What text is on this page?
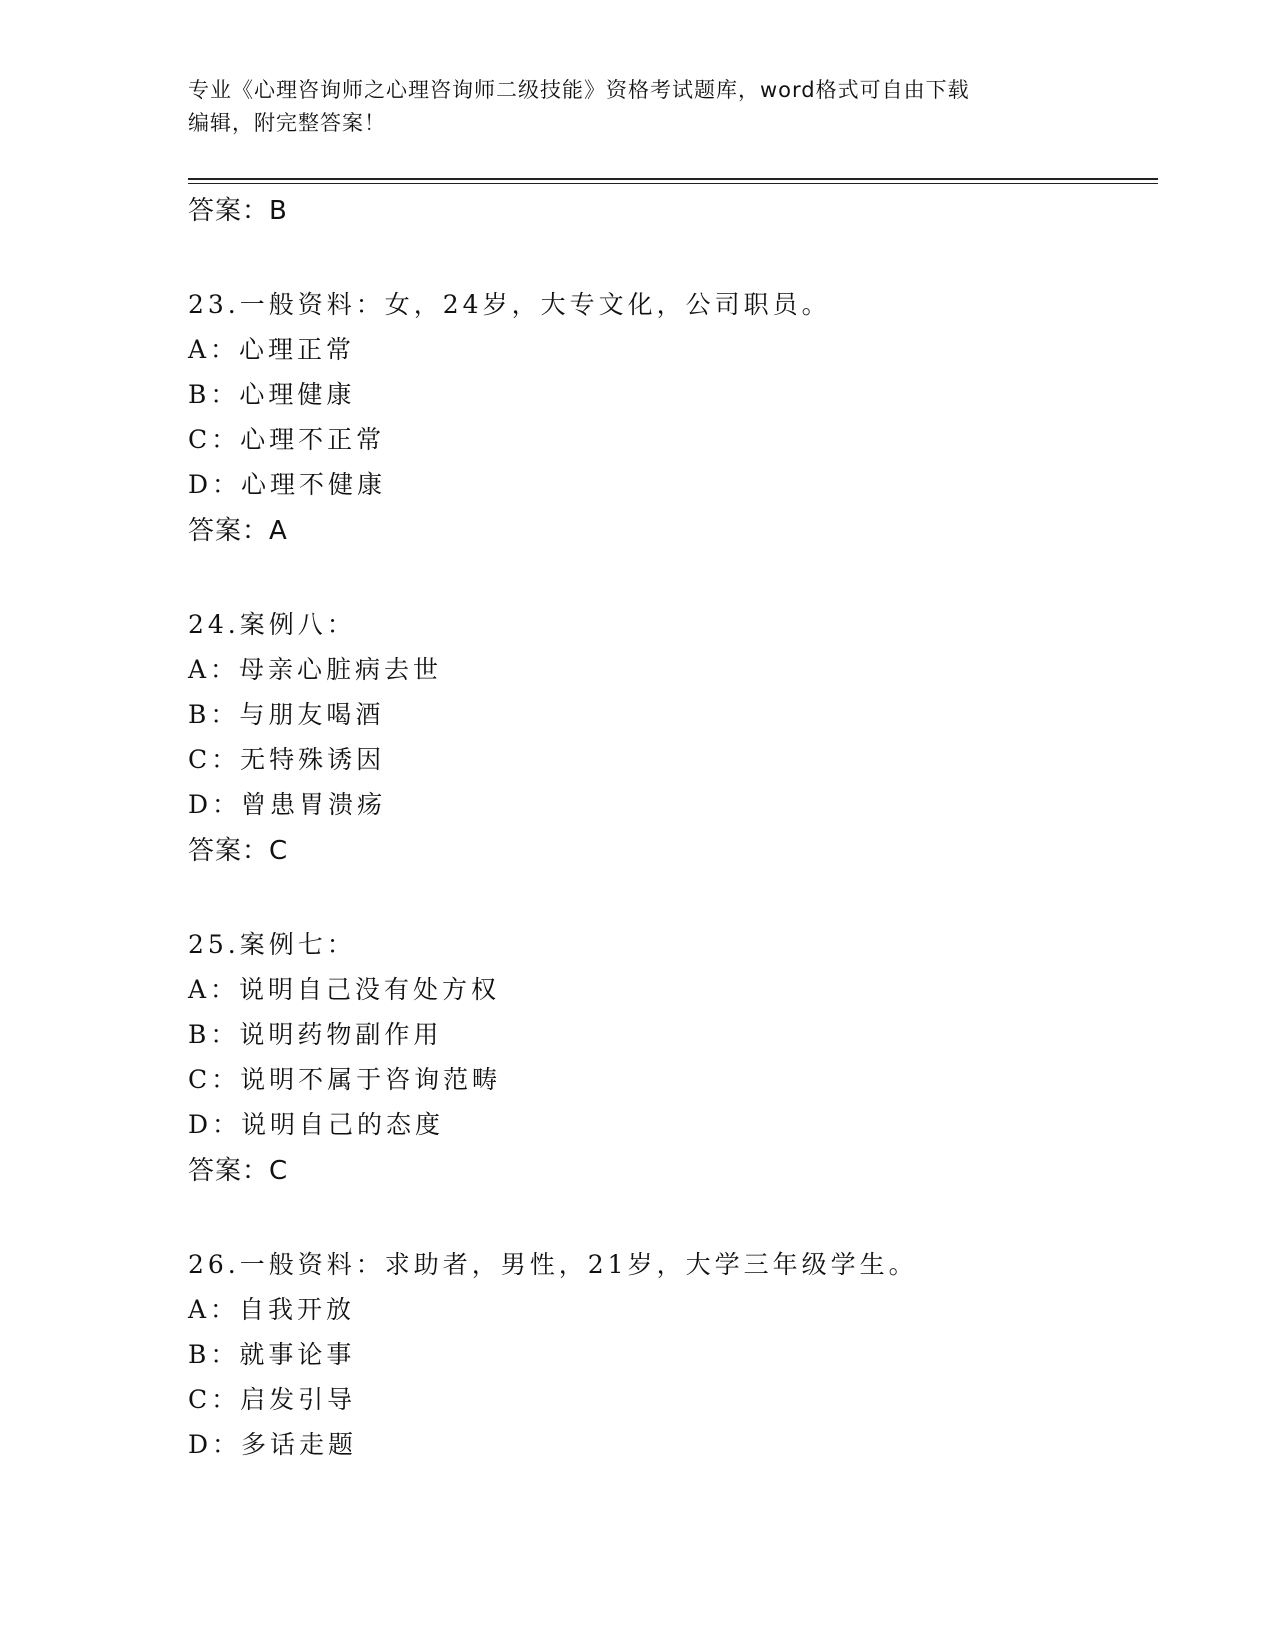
专业《心理咨询师之心理咨询师二级技能》资格考试题库，word格式可自由下载
编辑，附完整答案！
答案：B
23.一般资料：女，24岁，大专文化，公司职员。
A：心理正常
B：心理健康
C：心理不正常
D：心理不健康
答案：A
24.案例八：
A：母亲心脏病去世
B：与朋友喝酒
C：无特殊诱因
D：曾患胃溃疡
答案：C
25.案例七：
A：说明自己没有处方权
B：说明药物副作用
C：说明不属于咨询范畴
D：说明自己的态度
答案：C
26.一般资料：求助者，男性，21岁，大学三年级学生。
A：自我开放
B：就事论事
C：启发引导
D：多话走题
